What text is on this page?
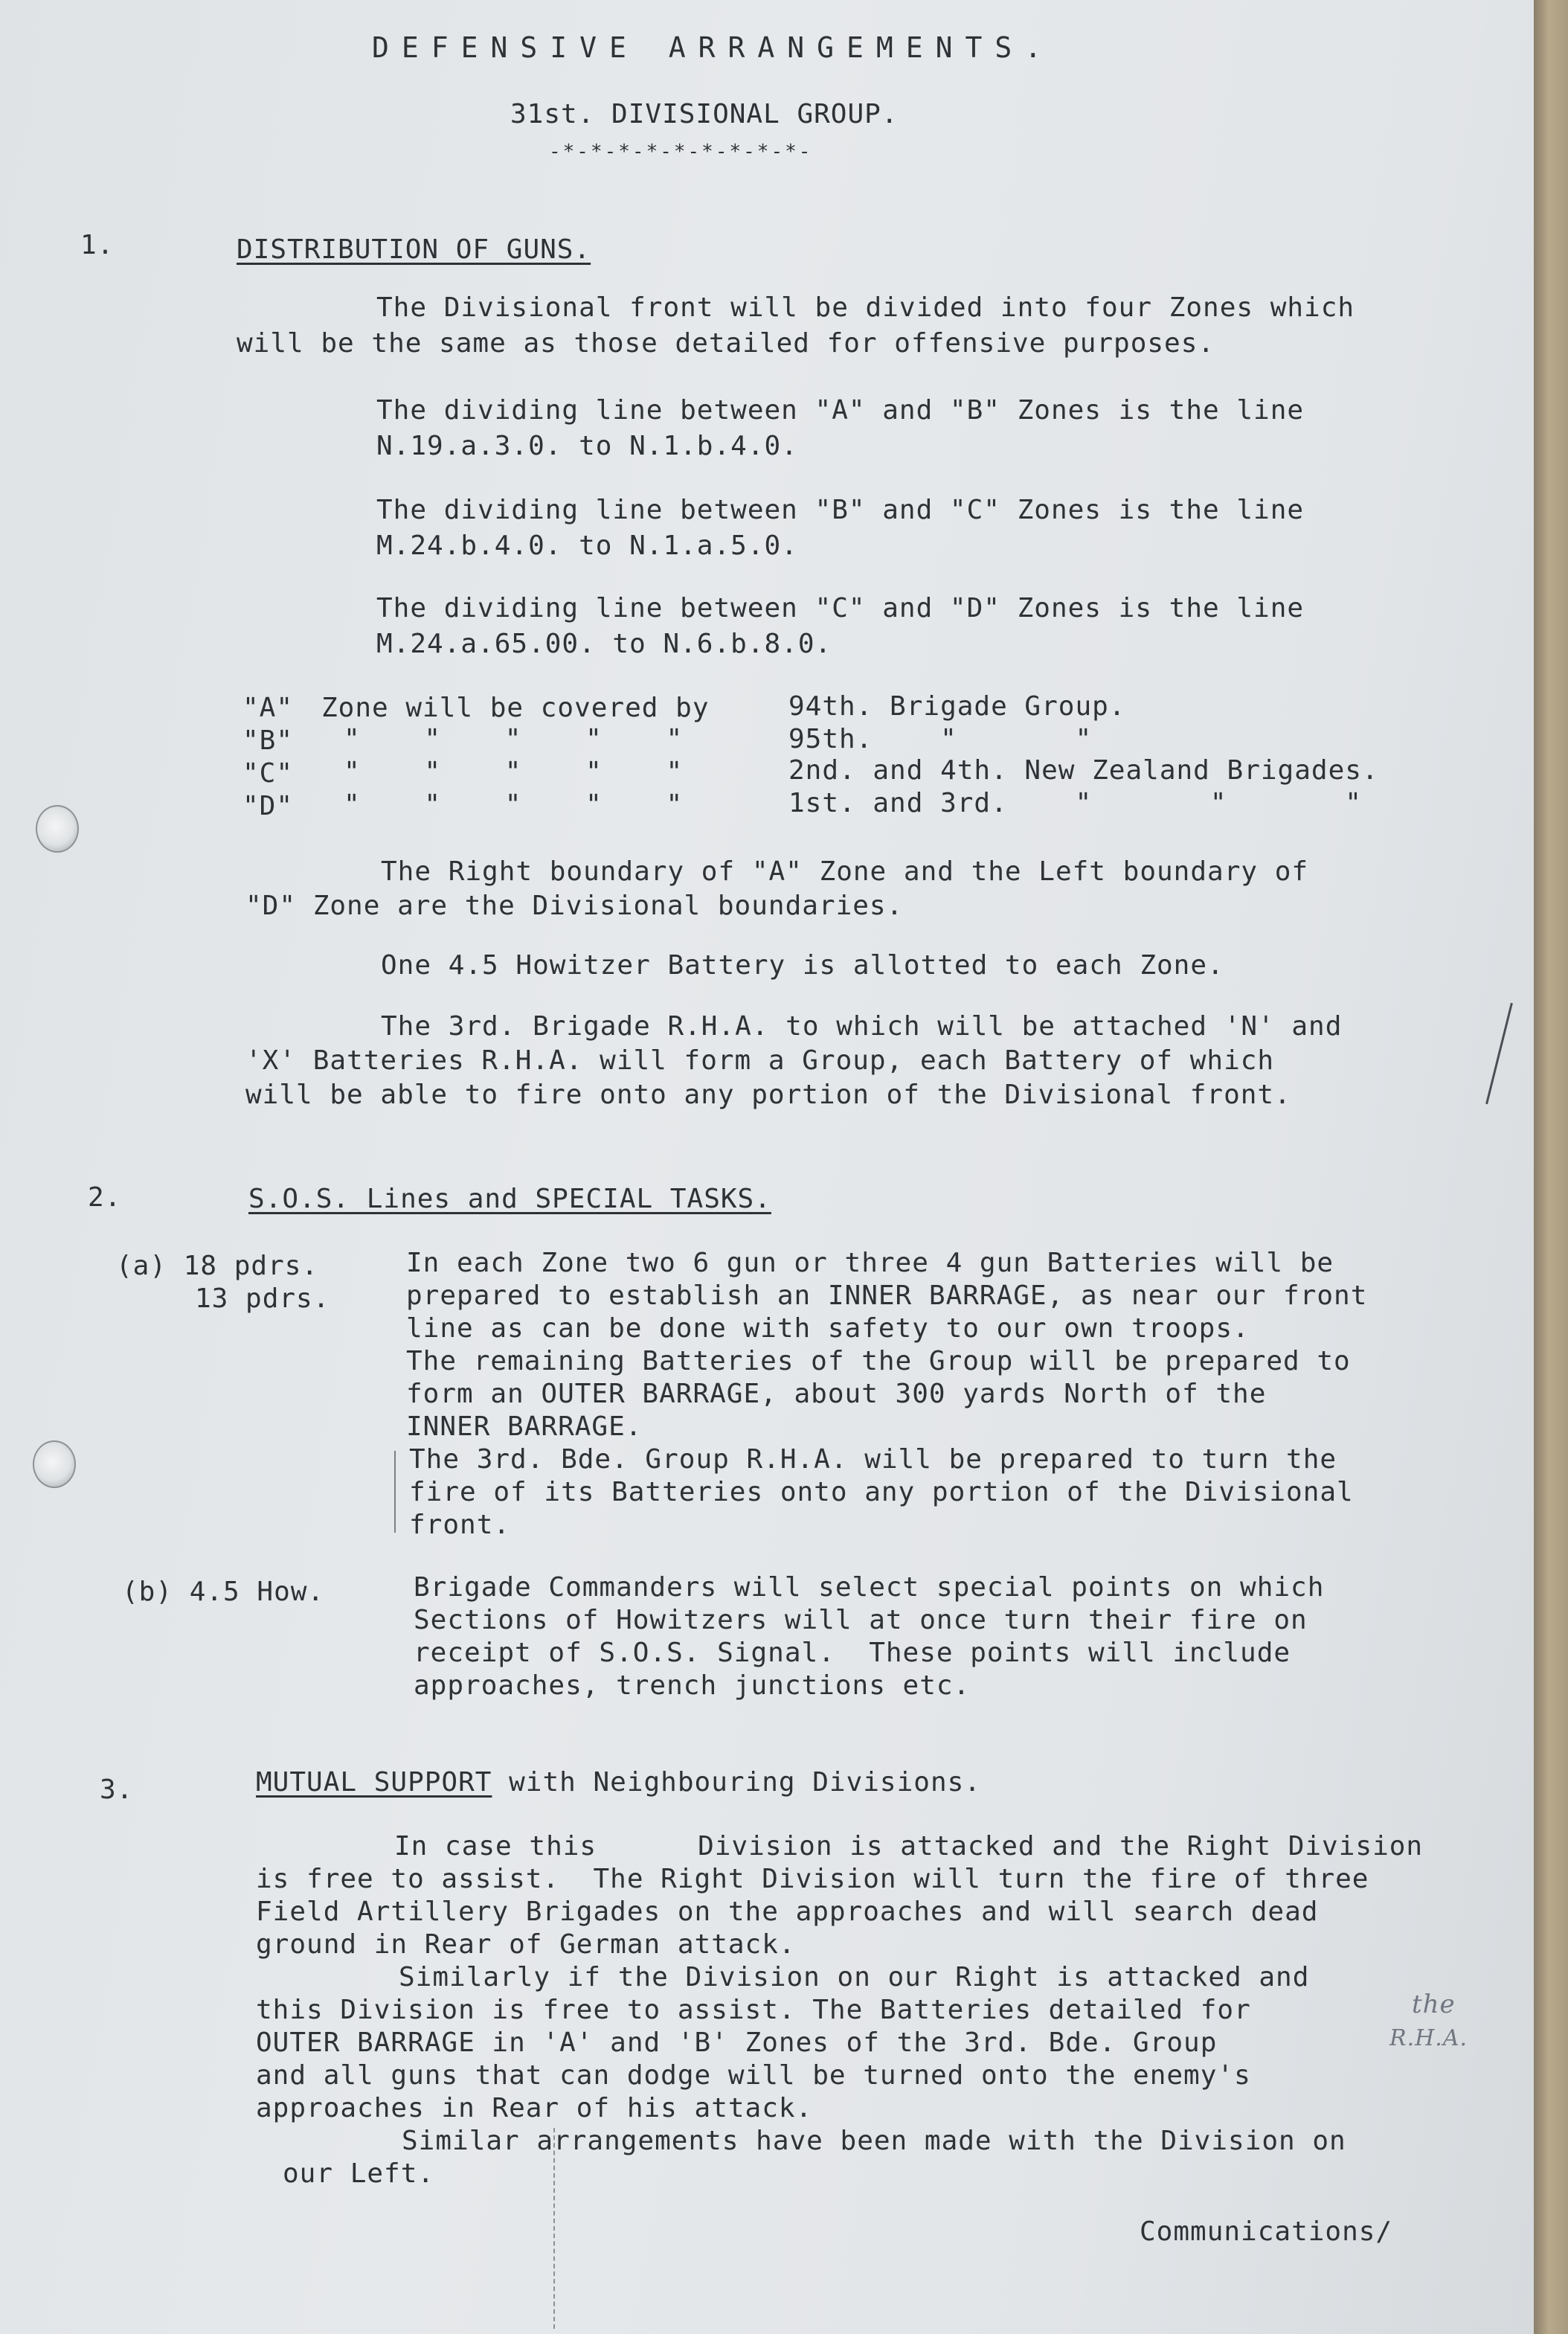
DEFENSIVE ARRANGEMENTS.
31st. DIVISIONAL GROUP.
-*-*-*-*-*-*-*-*-*-
1.	DISTRIBUTION OF GUNS.
The Divisional front will be divided into four Zones which
will be the same as those detailed for offensive purposes.
The dividing line between "A" and "B" Zones is the line
N.19.a.3.0. to N.1.b.4.0.
The dividing line between "B" and "C" Zones is the line
M.24.b.4.0. to N.1.a.5.0.
The dividing line between "C" and "D" Zones is the line
M.24.a.65.00. to N.6.b.8.0.
"A" Zone will be covered by	94th. Brigade Group.
"B" "    "    "    "    "	95th.    "       "
"C" "    "    "    "    "	2nd. and 4th. New Zealand Brigades.
"D" "    "    "    "    "	1st. and 3rd.    "       "       "
The Right boundary of "A" Zone and the Left boundary of
"D" Zone are the Divisional boundaries.
One 4.5 Howitzer Battery is allotted to each Zone.
The 3rd. Brigade R.H.A. to which will be attached 'N' and
'X' Batteries R.H.A. will form a Group, each Battery of which
will be able to fire onto any portion of the Divisional front.
2.	S.O.S. Lines and SPECIAL TASKS.
(a) 18 pdrs.
13 pdrs.
In each Zone two 6 gun or three 4 gun Batteries will be
prepared to establish an INNER BARRAGE, as near our front
line as can be done with safety to our own troops.
The remaining Batteries of the Group will be prepared to
form an OUTER BARRAGE, about 300 yards North of the
INNER BARRAGE.
The 3rd. Bde. Group R.H.A. will be prepared to turn the
fire of its Batteries onto any portion of the Divisional
front.
(b) 4.5 How.	Brigade Commanders will select special points on which
Sections of Howitzers will at once turn their fire on
receipt of S.O.S. Signal.  These points will include
approaches, trench junctions etc.
3.	MUTUAL SUPPORT with Neighbouring Divisions.
In case this      Division is attacked and the Right Division
is free to assist.  The Right Division will turn the fire of three
Field Artillery Brigades on the approaches and will search dead
ground in Rear of German attack.
Similarly if the Division on our Right is attacked and
this Division is free to assist. The Batteries detailed for	the
OUTER BARRAGE in 'A' and 'B' Zones of the 3rd. Bde. Group	R.H.A.
and all guns that can dodge will be turned onto the enemy's
approaches in Rear of his attack.
Similar arrangements have been made with the Division on
our Left.
Communications/
